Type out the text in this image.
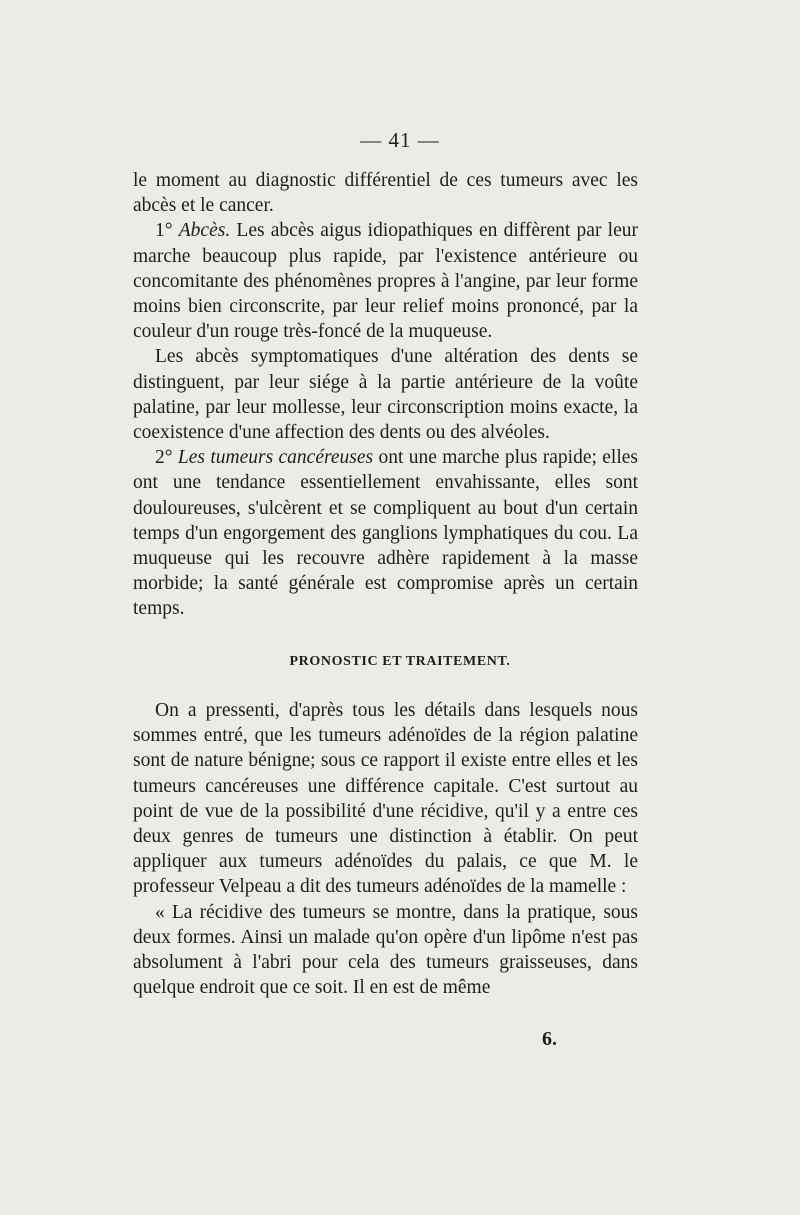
— 41 —

le moment au diagnostic différentiel de ces tumeurs avec les abcès et le cancer.

1° Abcès. Les abcès aigus idiopathiques en diffèrent par leur marche beaucoup plus rapide, par l'existence antérieure ou concomitante des phénomènes propres à l'angine, par leur forme moins bien circonscrite, par leur relief moins prononcé, par la couleur d'un rouge très-foncé de la muqueuse.

Les abcès symptomatiques d'une altération des dents se distinguent, par leur siége à la partie antérieure de la voûte palatine, par leur mollesse, leur circonscription moins exacte, la coexistence d'une affection des dents ou des alvéoles.

2° Les tumeurs cancéreuses ont une marche plus rapide; elles ont une tendance essentiellement envahissante, elles sont douloureuses, s'ulcèrent et se compliquent au bout d'un certain temps d'un engorgement des ganglions lymphatiques du cou. La muqueuse qui les recouvre adhère rapidement à la masse morbide; la santé générale est compromise après un certain temps.

PRONOSTIC ET TRAITEMENT.

On a pressenti, d'après tous les détails dans lesquels nous sommes entré, que les tumeurs adénoïdes de la région palatine sont de nature bénigne; sous ce rapport il existe entre elles et les tumeurs cancéreuses une différence capitale. C'est surtout au point de vue de la possibilité d'une récidive, qu'il y a entre ces deux genres de tumeurs une distinction à établir. On peut appliquer aux tumeurs adénoïdes du palais, ce que M. le professeur Velpeau a dit des tumeurs adénoïdes de la mamelle :

« La récidive des tumeurs se montre, dans la pratique, sous deux formes. Ainsi un malade qu'on opère d'un lipôme n'est pas absolument à l'abri pour cela des tumeurs graisseuses, dans quelque endroit que ce soit. Il en est de même

6.
